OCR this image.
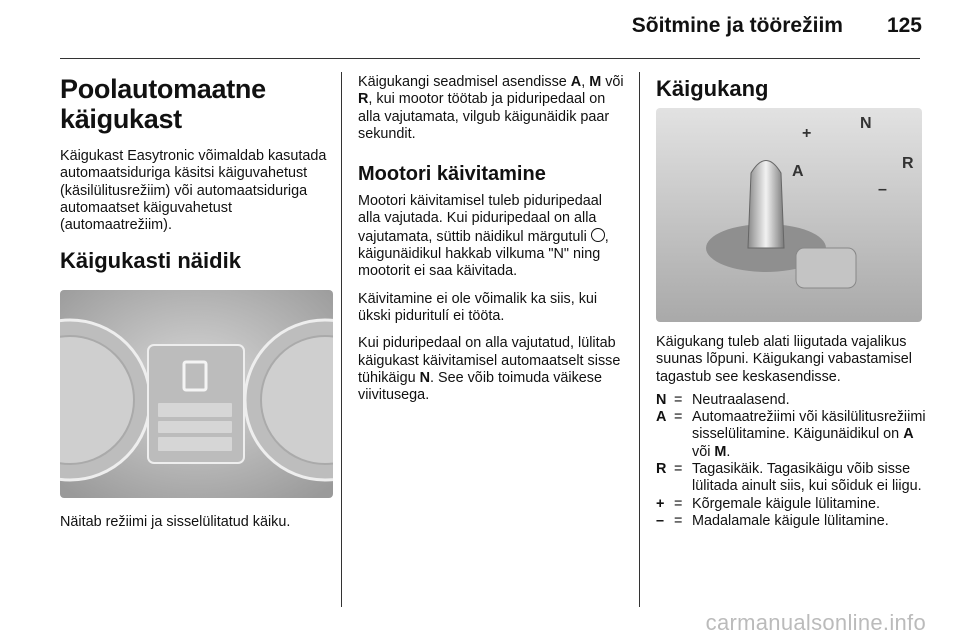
Sõitmine ja töörežiim 125
Poolautomaatne käigukast

Käigukast Easytronic võimaldab kasutada automaatsiduriga käsitsi käiguvahetust (käsilülitusrežiim) või automaatsiduriga automaatset käiguvahetust (automaatrežiim).

Käigukasti näidik

Näitab režiimi ja sisselülitatud käiku.

Käigukangi seadmisel asendisse A, M või R, kui mootor töötab ja piduripedaal on alla vajutamata, vilgub käigunäidik paar sekundit.

Mootori käivitamine

Mootori käivitamisel tuleb piduripedaal alla vajutada. Kui piduripedaal on alla vajutamata, süttib näidikul märgutuli , käigunäidikul hakkab vilkuma "N" ning mootorit ei saa käivitada.

Käivitamine ei ole võimalik ka siis, kui ükski piduritulí ei tööta.

Kui piduripedaal on alla vajutatud, lülitab käigukast käivitamisel automaatselt sisse tühikäigu N. See võib toimuda väikese viivitusega.

Käigukang
+
N
A	R
–

Käigukang tuleb alati liigutada vajalikus suunas lõpuni. Käigukangi vabastamisel tagastub see keskasendisse.

N = Neutraalasend.
A = Automaatrežiimi või käsilülitusrežiimi sisselülitamine. Käigunäidikul on A või M.
R = Tagasikäik. Tagasikäigu võib sisse lülitada ainult siis, kui sõiduk ei liigu.
+ = Kõrgemale käigule lülitamine.
– = Madalamale käigule lülitamine.
carmanualsonline.info
